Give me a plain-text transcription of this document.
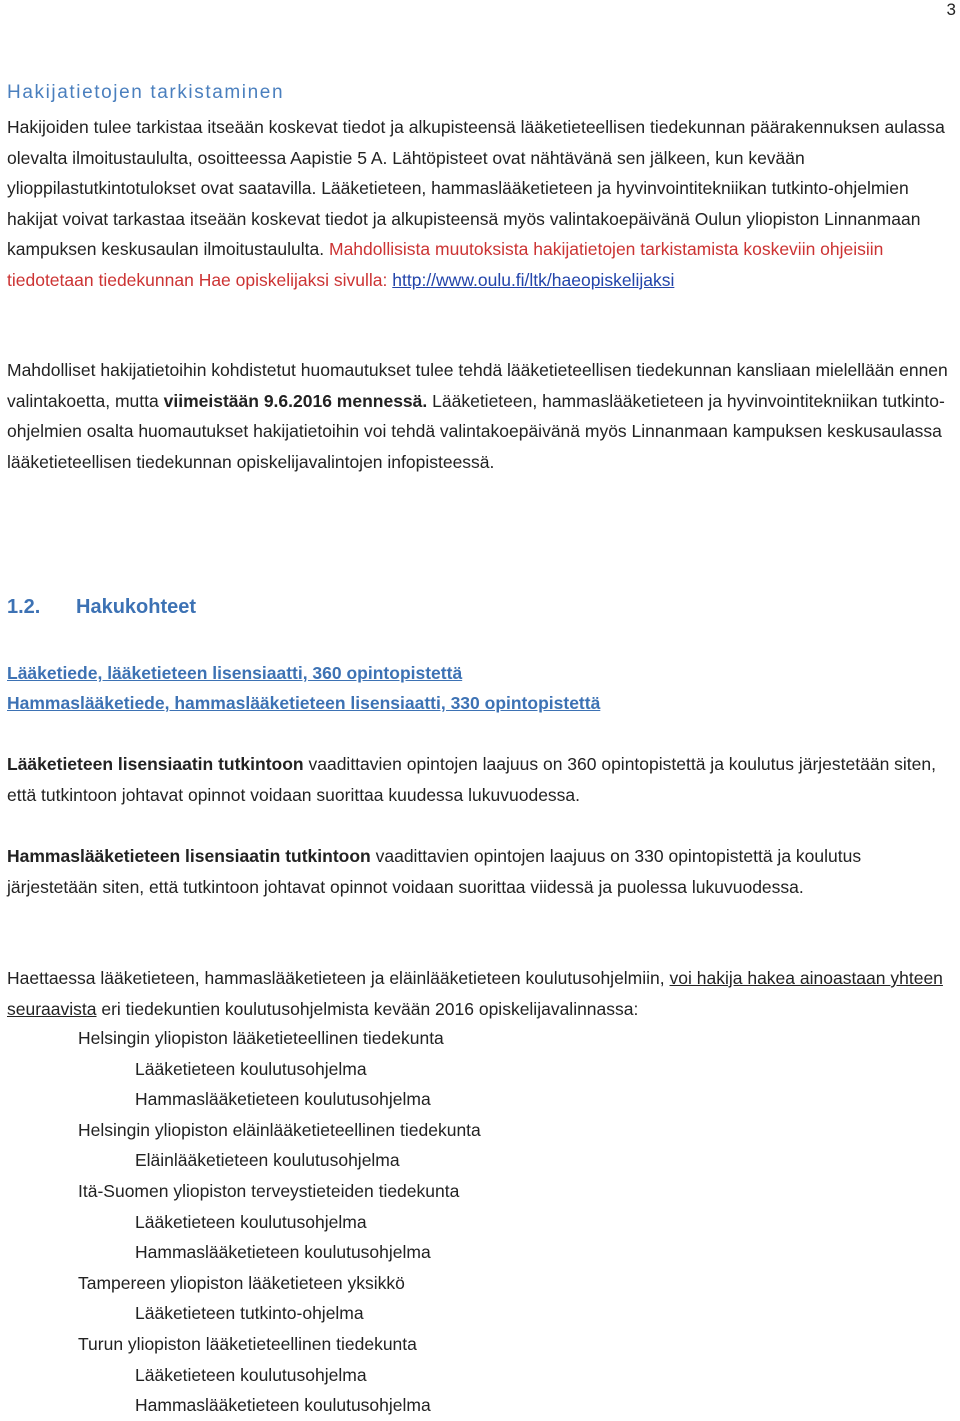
3
Hakijatietojen tarkistaminen
Hakijoiden tulee tarkistaa itseään koskevat tiedot ja alkupisteensä lääketieteellisen tiedekunnan päärakennuksen aulassa olevalta ilmoitustaululta, osoitteessa Aapistie 5 A. Lähtöpisteet ovat nähtävänä sen jälkeen, kun kevään ylioppilastutkintotulokset ovat saatavilla. Lääketieteen, hammaslääketieteen ja hyvinvointitekniikan tutkinto-ohjelmien hakijat voivat tarkastaa itseään koskevat tiedot ja alkupisteensä myös valintakoepäivänä Oulun yliopiston Linnanmaan kampuksen keskusaulan ilmoitustaululta. Mahdollisista muutoksista hakijatietojen tarkistamista koskeviin ohjeisiin tiedotetaan tiedekunnan Hae opiskelijaksi sivulla: http://www.oulu.fi/ltk/haeopiskelijaksi
Mahdolliset hakijatietoihin kohdistetut huomautukset tulee tehdä lääketieteellisen tiedekunnan kansliaan mielellään ennen valintakoetta, mutta viimeistään 9.6.2016 mennessä. Lääketieteen, hammaslääketieteen ja hyvinvointitekniikan tutkinto-ohjelmien osalta huomautukset hakijatietoihin voi tehdä valintakoepäivänä myös Linnanmaan kampuksen keskusaulassa lääketieteellisen tiedekunnan opiskelijavalintojen infopisteessä.
1.2. Hakukohteet
Lääketiede, lääketieteen lisensiaatti, 360 opintopistettä
Hammaslääketiede, hammaslääketieteen lisensiaatti, 330 opintopistettä
Lääketieteen lisensiaatin tutkintoon vaadittavien opintojen laajuus on 360 opintopistettä ja koulutus järjestetään siten, että tutkintoon johtavat opinnot voidaan suorittaa kuudessa lukuvuodessa.
Hammaslääketieteen lisensiaatin tutkintoon vaadittavien opintojen laajuus on 330 opintopistettä ja koulutus järjestetään siten, että tutkintoon johtavat opinnot voidaan suorittaa viidessä ja puolessa lukuvuodessa.
Haettaessa lääketieteen, hammaslääketieteen ja eläinlääketieteen koulutusohjelmiin, voi hakija hakea ainoastaan yhteen seuraavista eri tiedekuntien koulutusohjelmista kevään 2016 opiskelijavalinnassa:
Helsingin yliopiston lääketieteellinen tiedekunta
Lääketieteen koulutusohjelma
Hammaslääketieteen koulutusohjelma
Helsingin yliopiston eläinlääketieteellinen tiedekunta
Eläinlääketieteen koulutusohjelma
Itä-Suomen yliopiston terveystieteiden tiedekunta
Lääketieteen koulutusohjelma
Hammaslääketieteen koulutusohjelma
Tampereen yliopiston lääketieteen yksikkö
Lääketieteen tutkinto-ohjelma
Turun yliopiston lääketieteellinen tiedekunta
Lääketieteen koulutusohjelma
Hammaslääketieteen koulutusohjelma
